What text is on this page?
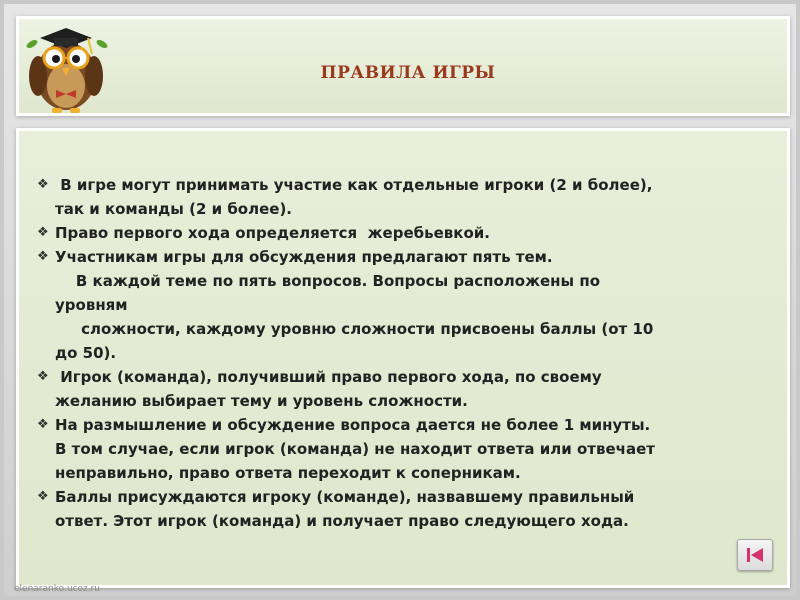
ПРАВИЛА ИГРЫ
❖ В игре могут принимать участие как отдельные игроки (2 и более),
так и команды (2 и более).
❖ Право первого хода определяется  жеребьевкой.
❖ Участникам игры для обсуждения предлагают пять тем.
В каждой теме по пять вопросов. Вопросы расположены по
уровням
сложности, каждому уровню сложности присвоены баллы (от 10
до 50).
❖ Игрок (команда), получивший право первого хода, по своему
желанию выбирает тему и уровень сложности.
❖ На размышление и обсуждение вопроса дается не более 1 минуты.
В том случае, если игрок (команда) не находит ответа или отвечает
неправильно, право ответа переходит к соперникам.
❖ Баллы присуждаются игроку (команде), назвавшему правильный
ответ. Этот игрок (команда) и получает право следующего хода.
elenaranko.ucoz.ru
